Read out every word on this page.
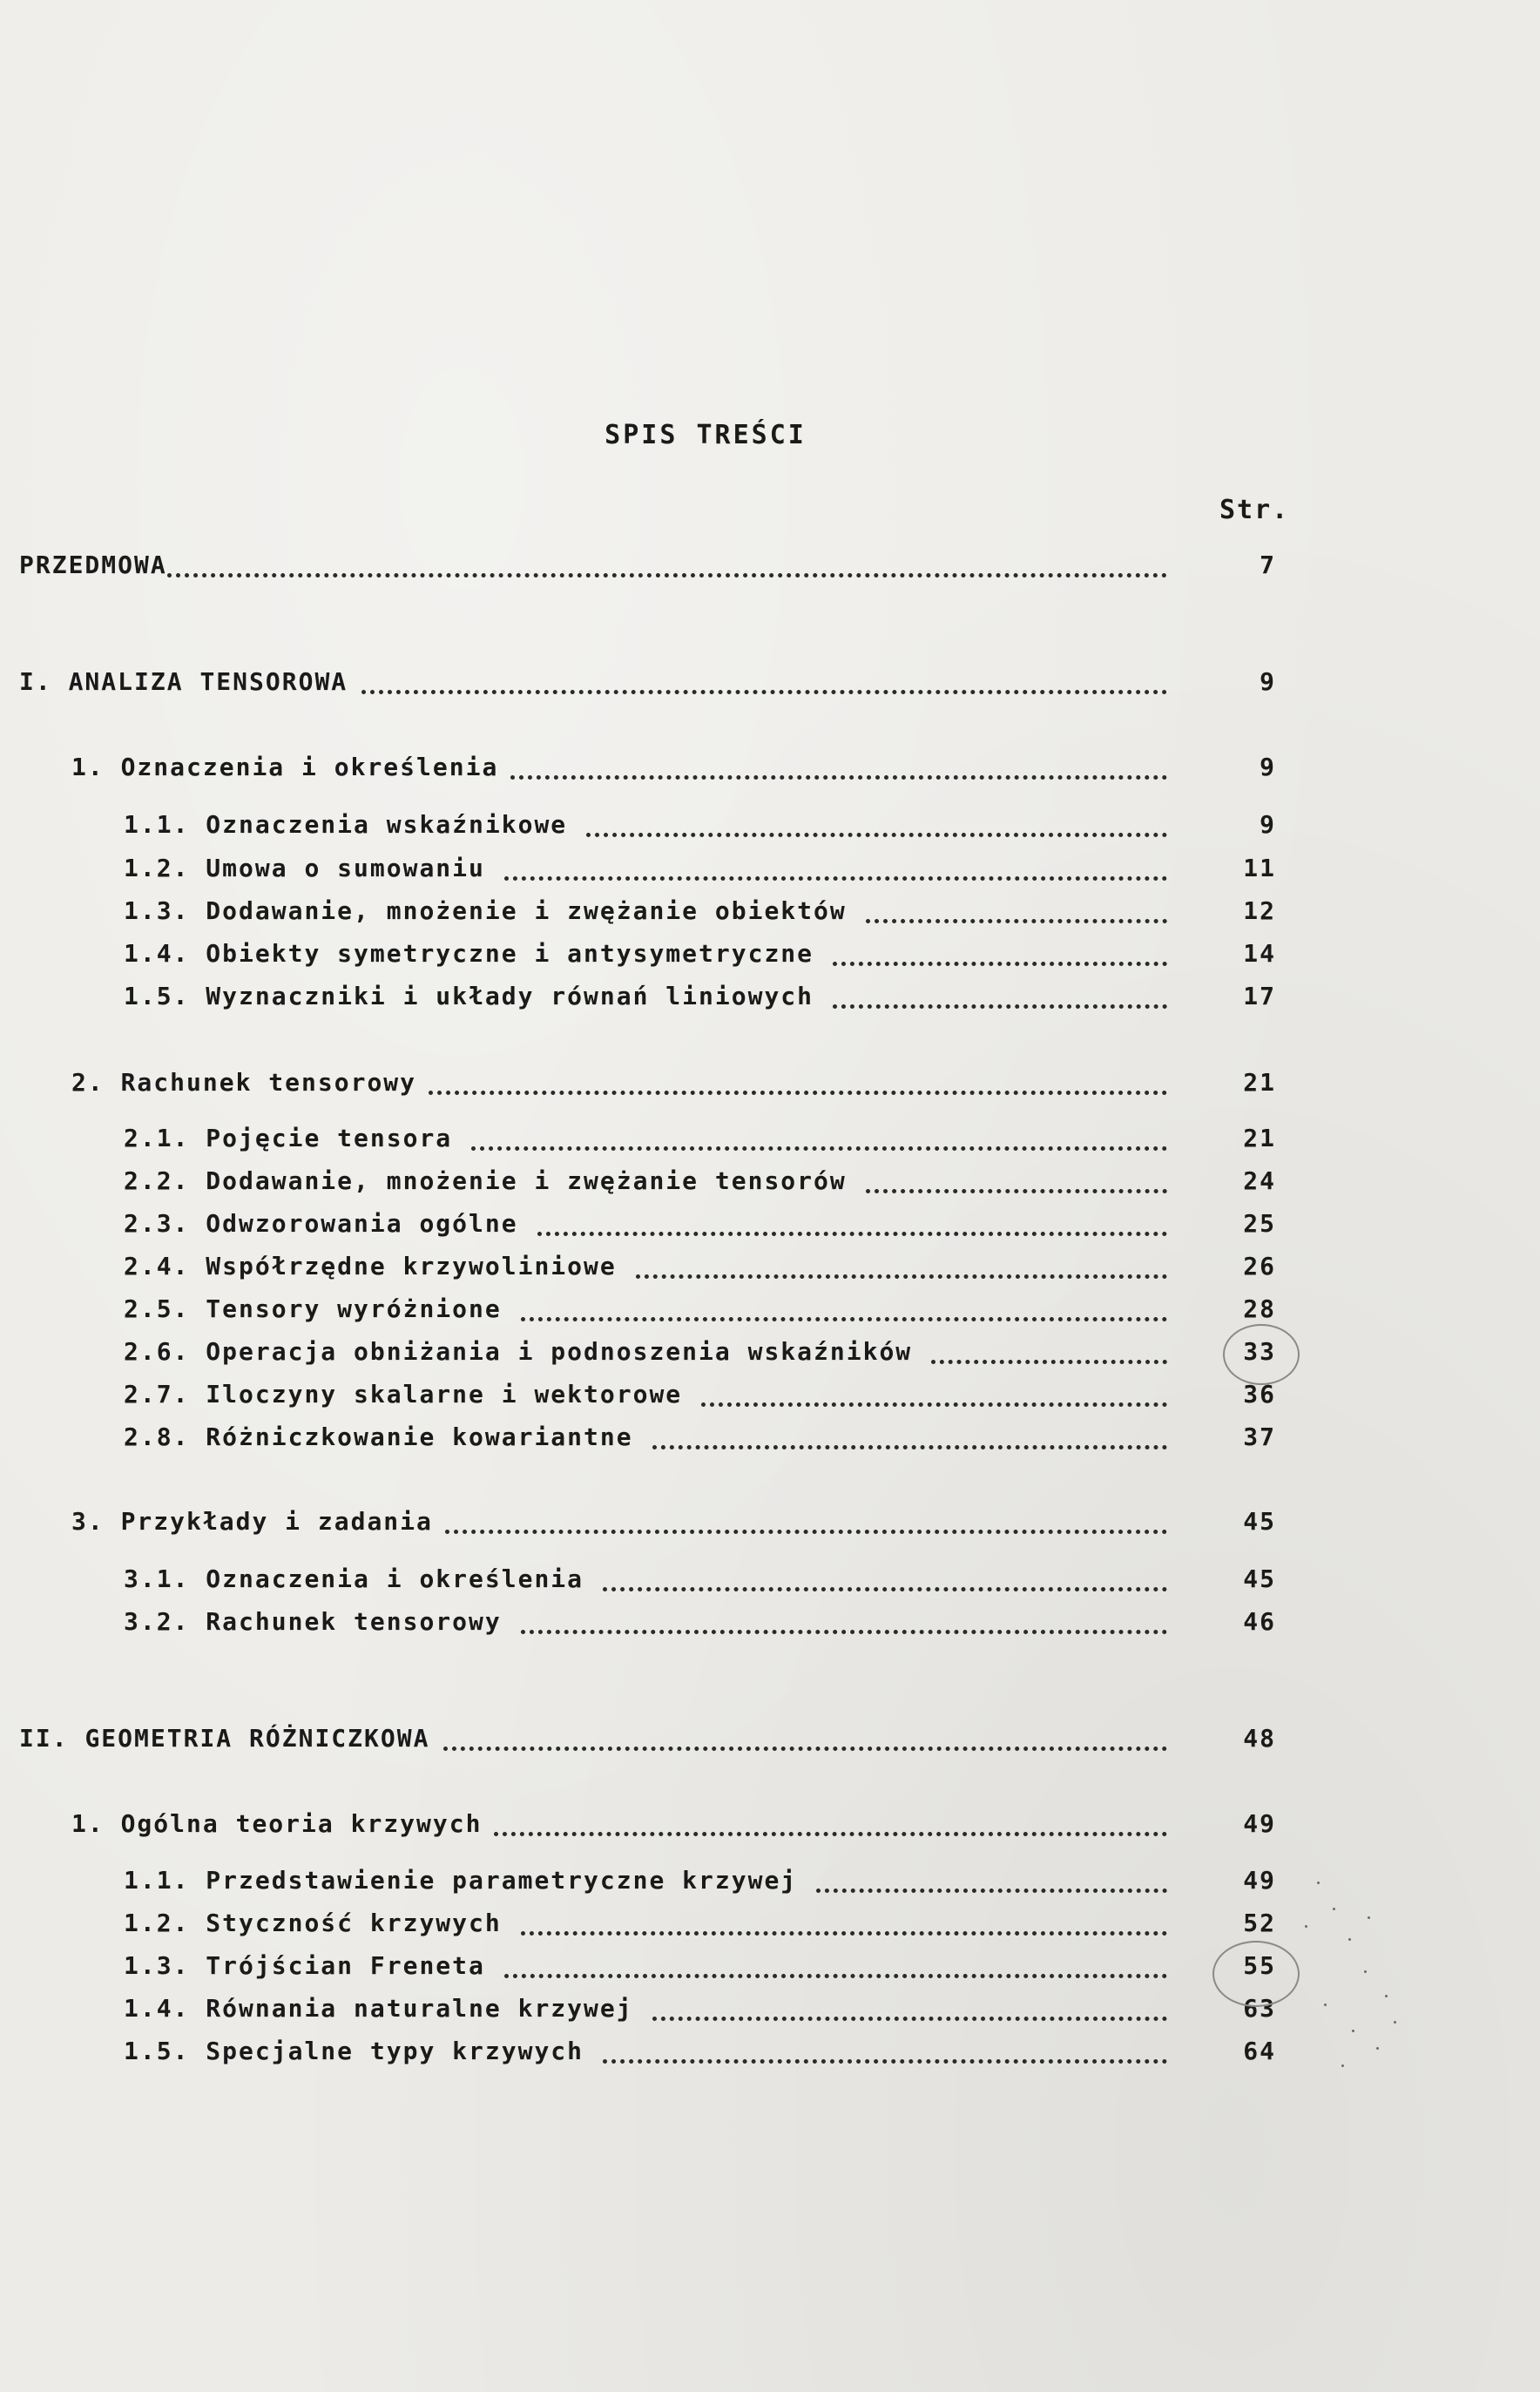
SPIS TREŚCI
Str.
PRZEDMOWA	7
I. ANALIZA TENSOROWA	9
1. Oznaczenia i określenia	9
1.1. Oznaczenia wskaźnikowe	9
1.2. Umowa o sumowaniu	11
1.3. Dodawanie, mnożenie i zwężanie obiektów	12
1.4. Obiekty symetryczne i antysymetryczne	14
1.5. Wyznaczniki i układy równań liniowych	17
2. Rachunek tensorowy	21
2.1. Pojęcie tensora	21
2.2. Dodawanie, mnożenie i zwężanie tensorów	24
2.3. Odwzorowania ogólne	25
2.4. Współrzędne krzywoliniowe	26
2.5. Tensory wyróżnione	28
2.6. Operacja obniżania i podnoszenia wskaźników	33
2.7. Iloczyny skalarne i wektorowe	36
2.8. Różniczkowanie kowariantne	37
3. Przykłady i zadania	45
3.1. Oznaczenia i określenia	45
3.2. Rachunek tensorowy	46
II. GEOMETRIA RÓŻNICZKOWA	48
1. Ogólna teoria krzywych	49
1.1. Przedstawienie parametryczne krzywej	49
1.2. Styczność krzywych	52
1.3. Trójścian Freneta	55
1.4. Równania naturalne krzywej	63
1.5. Specjalne typy krzywych	64
